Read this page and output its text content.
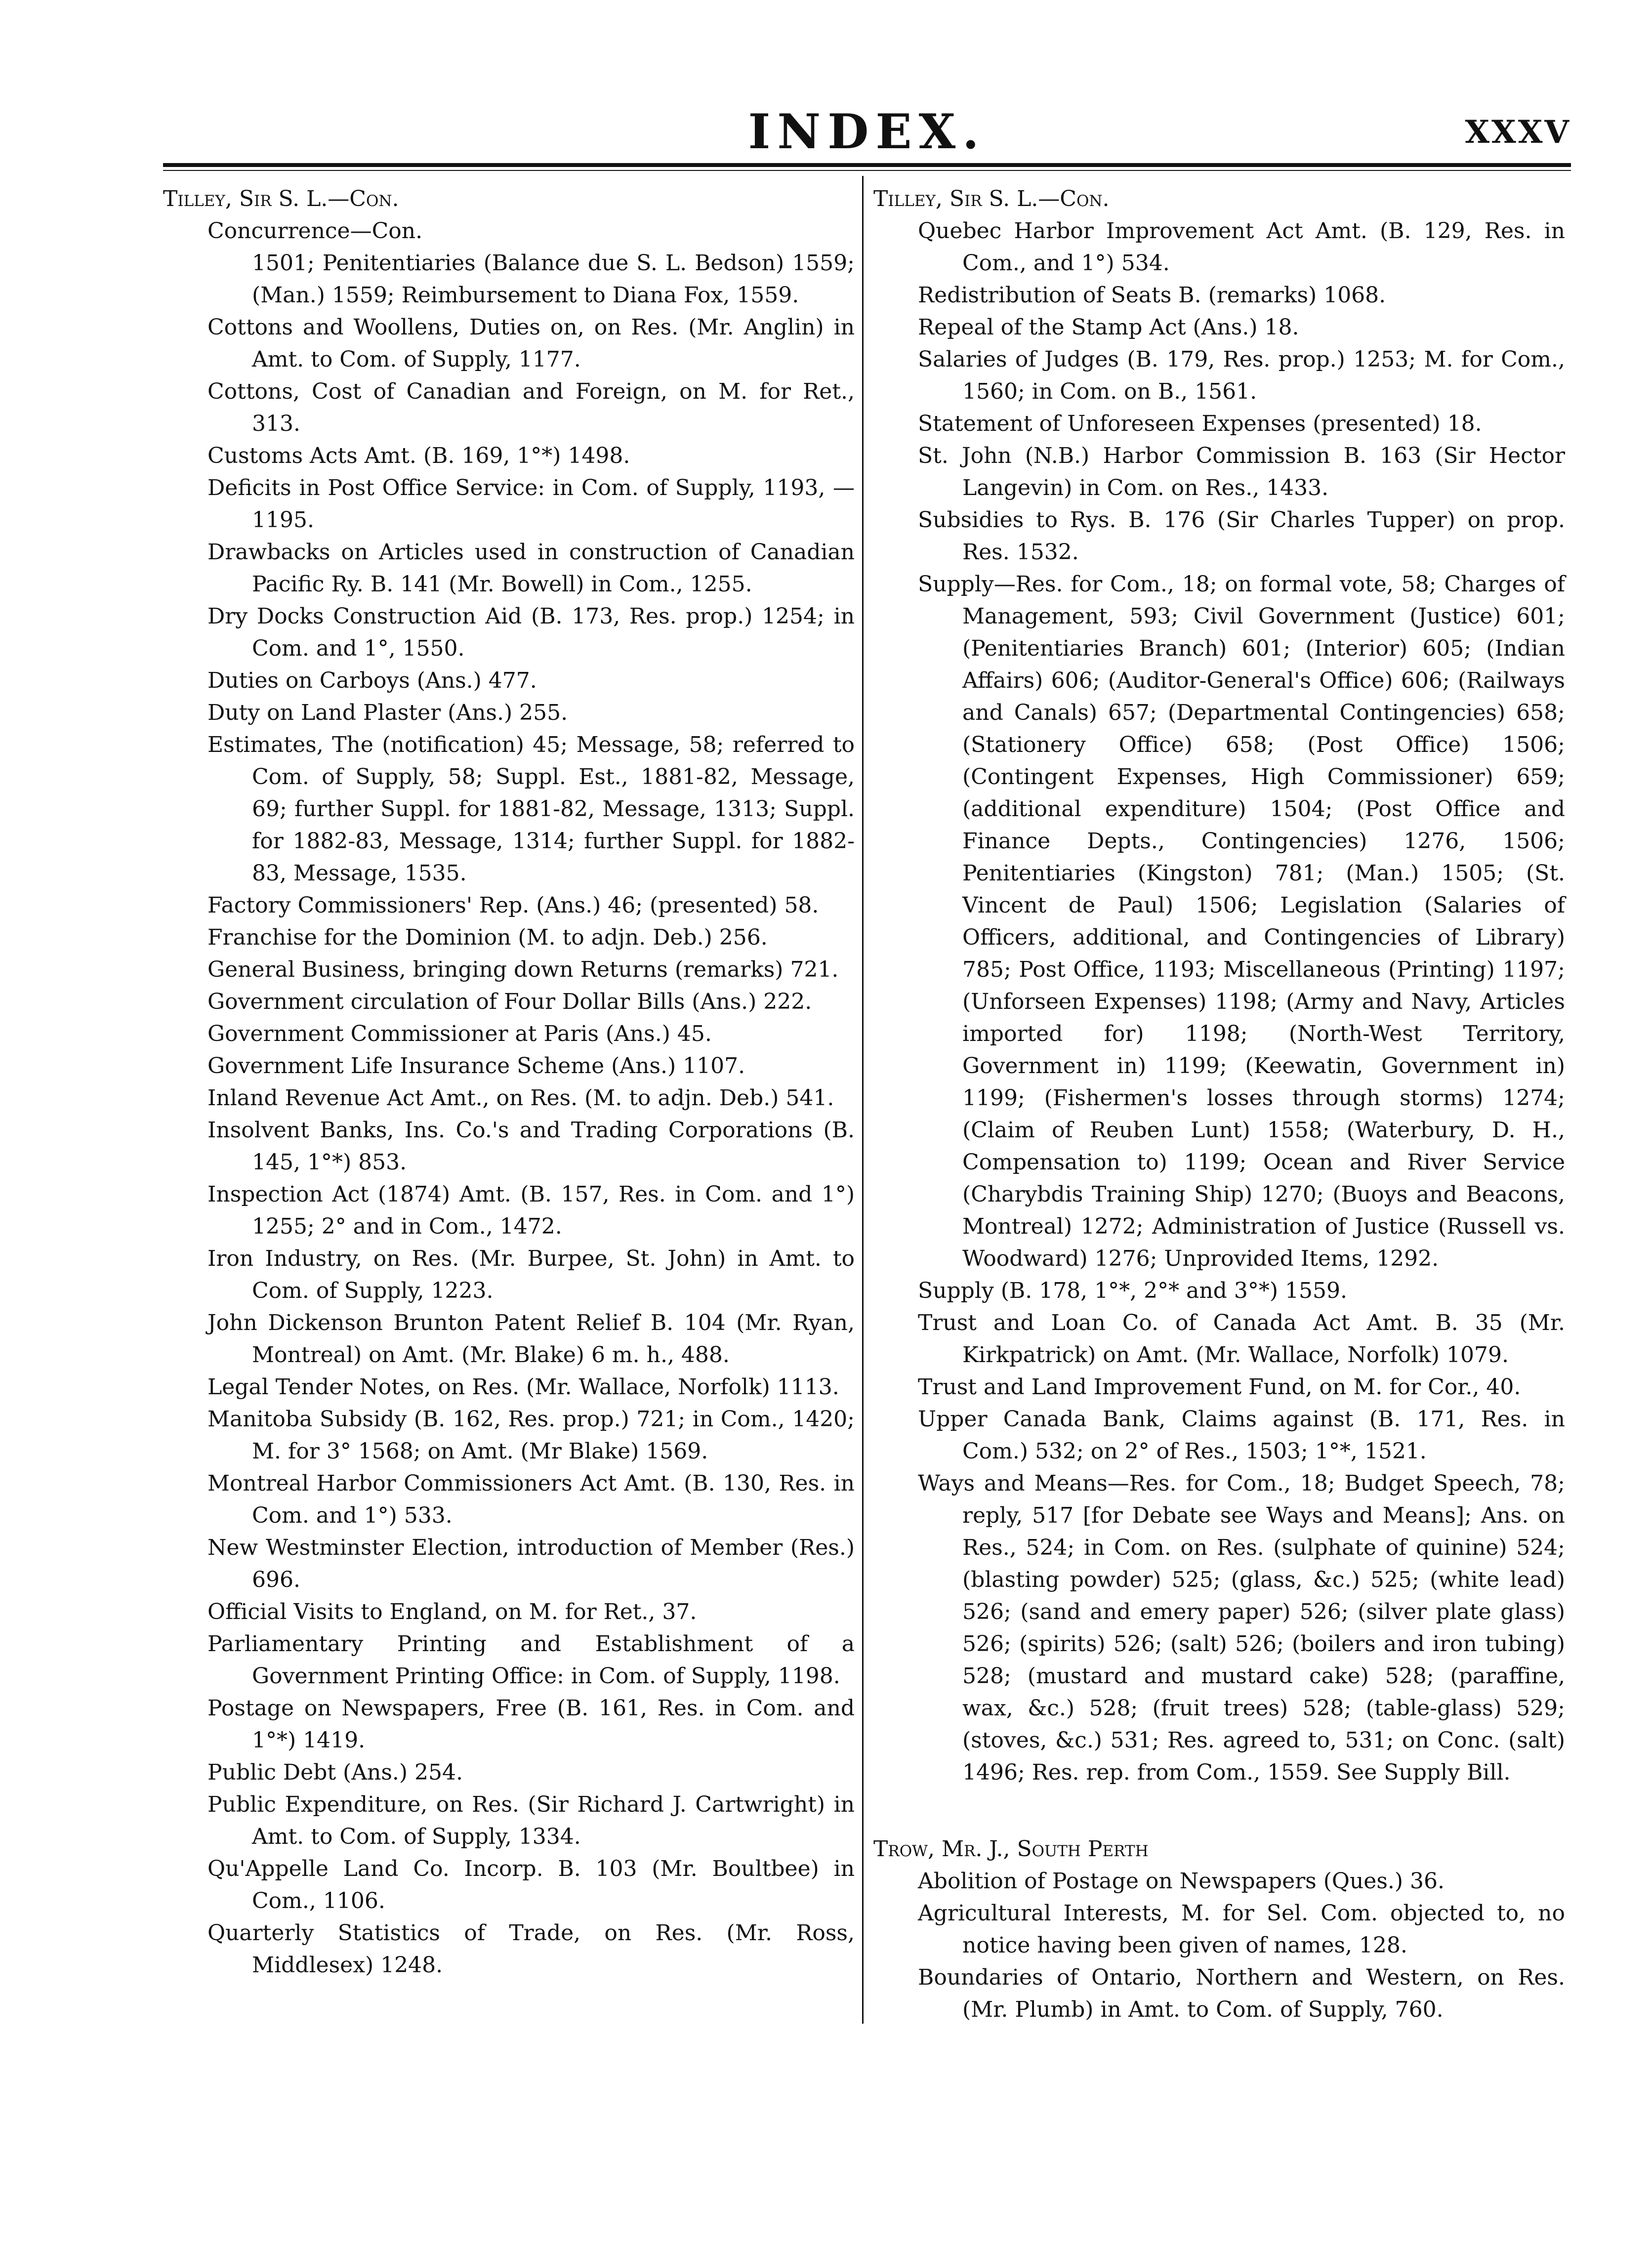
INDEX.	XXXV

Tilley, Sir S. L.—Con.

Concurrence—Con.

1501; Penitentiaries (Balance due S. L. Bedson) 1559; (Man.) 1559; Reimbursement to Diana Fox, 1559.

Cottons and Woollens, Duties on, on Res. (Mr. Anglin) in Amt. to Com. of Supply, 1177.

Cottons, Cost of Canadian and Foreign, on M. for Ret., 313.

Customs Acts Amt. (B. 169, 1°*) 1498.

Deficits in Post Office Service: in Com. of Supply, 1193, —1195.

Drawbacks on Articles used in construction of Canadian Pacific Ry. B. 141 (Mr. Bowell) in Com., 1255.

Dry Docks Construction Aid (B. 173, Res. prop.) 1254; in Com. and 1°, 1550.

Duties on Carboys (Ans.) 477.

Duty on Land Plaster (Ans.) 255.

Estimates, The (notification) 45; Message, 58; referred to Com. of Supply, 58; Suppl. Est., 1881-82, Message, 69; further Suppl. for 1881-82, Message, 1313; Suppl. for 1882-83, Message, 1314; further Suppl. for 1882-83, Message, 1535.

Factory Commissioners' Rep. (Ans.) 46; (presented) 58.

Franchise for the Dominion (M. to adjn. Deb.) 256.

General Business, bringing down Returns (remarks) 721.

Government circulation of Four Dollar Bills (Ans.) 222.

Government Commissioner at Paris (Ans.) 45.

Government Life Insurance Scheme (Ans.) 1107.

Inland Revenue Act Amt., on Res. (M. to adjn. Deb.) 541.

Insolvent Banks, Ins. Co.'s and Trading Corporations (B. 145, 1°*) 853.

Inspection Act (1874) Amt. (B. 157, Res. in Com. and 1°) 1255; 2° and in Com., 1472.

Iron Industry, on Res. (Mr. Burpee, St. John) in Amt. to Com. of Supply, 1223.

John Dickenson Brunton Patent Relief B. 104 (Mr. Ryan, Montreal) on Amt. (Mr. Blake) 6 m. h., 488.

Legal Tender Notes, on Res. (Mr. Wallace, Norfolk) 1113.

Manitoba Subsidy (B. 162, Res. prop.) 721; in Com., 1420; M. for 3° 1568; on Amt. (Mr Blake) 1569.

Montreal Harbor Commissioners Act Amt. (B. 130, Res. in Com. and 1°) 533.

New Westminster Election, introduction of Member (Res.) 696.

Official Visits to England, on M. for Ret., 37.

Parliamentary Printing and Establishment of a Government Printing Office: in Com. of Supply, 1198.

Postage on Newspapers, Free (B. 161, Res. in Com. and 1°*) 1419.

Public Debt (Ans.) 254.

Public Expenditure, on Res. (Sir Richard J. Cartwright) in Amt. to Com. of Supply, 1334.

Qu'Appelle Land Co. Incorp. B. 103 (Mr. Boultbee) in Com., 1106.

Quarterly Statistics of Trade, on Res. (Mr. Ross, Middlesex) 1248.

Tilley, Sir S. L.—Con.

Quebec Harbor Improvement Act Amt. (B. 129, Res. in Com., and 1°) 534.

Redistribution of Seats B. (remarks) 1068.

Repeal of the Stamp Act (Ans.) 18.

Salaries of Judges (B. 179, Res. prop.) 1253; M. for Com., 1560; in Com. on B., 1561.

Statement of Unforeseen Expenses (presented) 18.

St. John (N.B.) Harbor Commission B. 163 (Sir Hector Langevin) in Com. on Res., 1433.

Subsidies to Rys. B. 176 (Sir Charles Tupper) on prop. Res. 1532.

Supply—Res. for Com., 18; on formal vote, 58; Charges of Management, 593; Civil Government (Justice) 601; (Penitentiaries Branch) 601; (Interior) 605; (Indian Affairs) 606; (Auditor-General's Office) 606; (Railways and Canals) 657; (Departmental Contingencies) 658; (Stationery Office) 658; (Post Office) 1506; (Contingent Expenses, High Commissioner) 659; (additional expenditure) 1504; (Post Office and Finance Depts., Contingencies) 1276, 1506; Penitentiaries (Kingston) 781; (Man.) 1505; (St. Vincent de Paul) 1506; Legislation (Salaries of Officers, additional, and Contingencies of Library) 785; Post Office, 1193; Miscellaneous (Printing) 1197; (Unforseen Expenses) 1198; (Army and Navy, Articles imported for) 1198; (North-West Territory, Government in) 1199; (Keewatin, Government in) 1199; (Fishermen's losses through storms) 1274; (Claim of Reuben Lunt) 1558; (Waterbury, D. H., Compensation to) 1199; Ocean and River Service (Charybdis Training Ship) 1270; (Buoys and Beacons, Montreal) 1272; Administration of Justice (Russell vs. Woodward) 1276; Unprovided Items, 1292.

Supply (B. 178, 1°*, 2°* and 3°*) 1559.

Trust and Loan Co. of Canada Act Amt. B. 35 (Mr. Kirkpatrick) on Amt. (Mr. Wallace, Norfolk) 1079.

Trust and Land Improvement Fund, on M. for Cor., 40.

Upper Canada Bank, Claims against (B. 171, Res. in Com.) 532; on 2° of Res., 1503; 1°*, 1521.

Ways and Means—Res. for Com., 18; Budget Speech, 78; reply, 517 [for Debate see Ways and Means]; Ans. on Res., 524; in Com. on Res. (sulphate of quinine) 524; (blasting powder) 525; (glass, &c.) 525; (white lead) 526; (sand and emery paper) 526; (silver plate glass) 526; (spirits) 526; (salt) 526; (boilers and iron tubing) 528; (mustard and mustard cake) 528; (paraffine, wax, &c.) 528; (fruit trees) 528; (table-glass) 529; (stoves, &c.) 531; Res. agreed to, 531; on Conc. (salt) 1496; Res. rep. from Com., 1559. See Supply Bill.

Trow, Mr. J., South Perth

Abolition of Postage on Newspapers (Ques.) 36.

Agricultural Interests, M. for Sel. Com. objected to, no notice having been given of names, 128.

Boundaries of Ontario, Northern and Western, on Res. (Mr. Plumb) in Amt. to Com. of Supply, 760.
